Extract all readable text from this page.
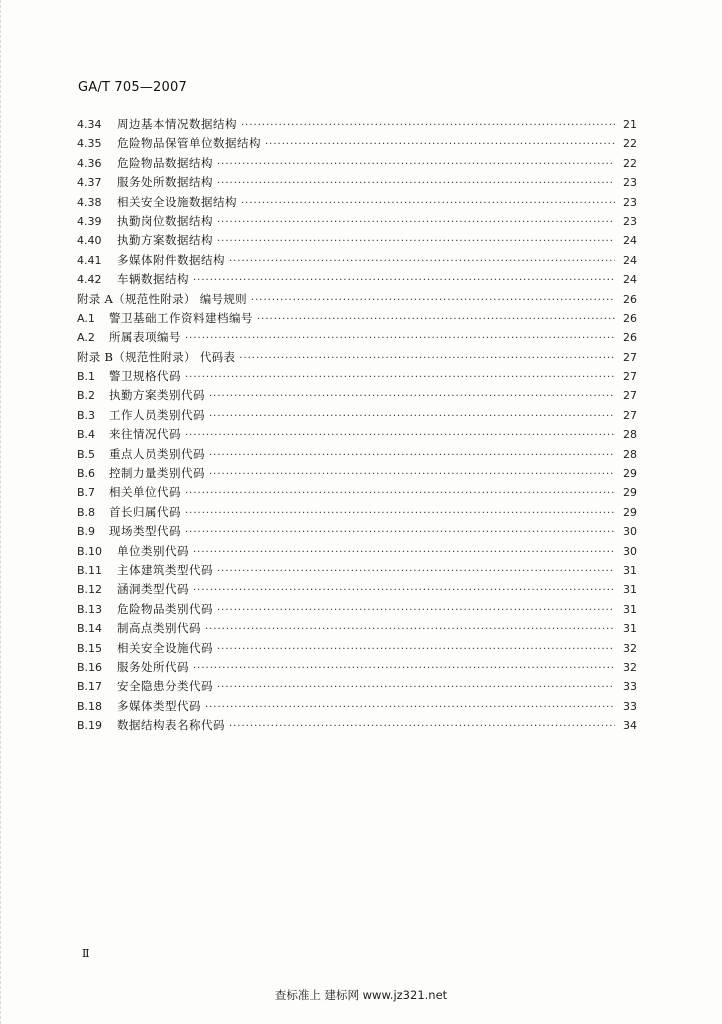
GA/T 705—2007
4.34	周边基本情况数据结构 ·····	21
4.35	危险物品保管单位数据结构 ·····	22
4.36	危险物品数据结构 ·····	22
4.37	服务处所数据结构 ·····	23
4.38	相关安全设施数据结构 ·····	23
4.39	执勤岗位数据结构 ·····	23
4.40	执勤方案数据结构 ·····	24
4.41	多媒体附件数据结构 ·····	24
4.42	车辆数据结构 ·····	24
附录 A（规范性附录） 编号规则 ·····	26
A.1	警卫基础工作资料建档编号 ·····	26
A.2	所属表项编号 ·····	26
附录 B（规范性附录） 代码表 ·····	27
B.1	警卫规格代码 ·····	27
B.2	执勤方案类别代码 ·····	27
B.3	工作人员类别代码 ·····	27
B.4	来往情况代码 ·····	28
B.5	重点人员类别代码 ·····	28
B.6	控制力量类别代码 ·····	29
B.7	相关单位代码 ·····	29
B.8	首长归属代码 ·····	29
B.9	现场类型代码 ·····	30
B.10	单位类别代码 ·····	30
B.11	主体建筑类型代码 ·····	31
B.12	涵洞类型代码 ·····	31
B.13	危险物品类别代码 ·····	31
B.14	制高点类别代码 ·····	31
B.15	相关安全设施代码 ·····	32
B.16	服务处所代码 ·····	32
B.17	安全隐患分类代码 ·····	33
B.18	多媒体类型代码 ·····	33
B.19	数据结构表名称代码 ·····	34
Ⅱ
查标准上 建标网 www.jz321.net
